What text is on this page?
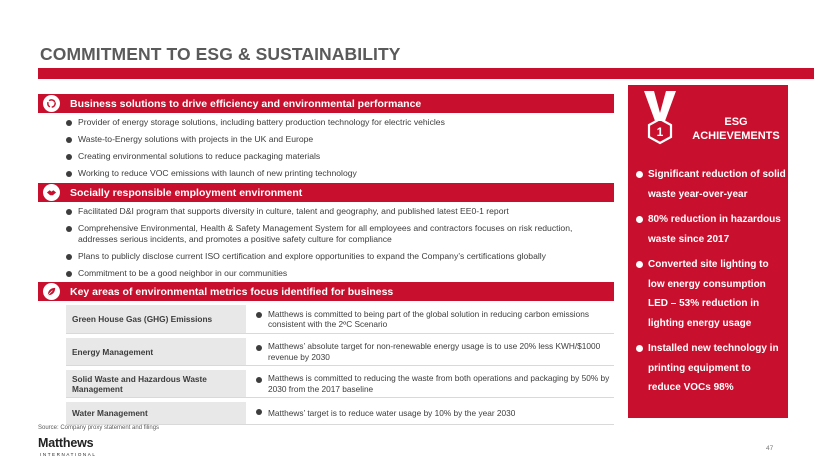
COMMITMENT TO ESG & SUSTAINABILITY
Business solutions to drive efficiency and environmental performance
Provider of energy storage solutions, including battery production technology for electric vehicles
Waste-to-Energy solutions with projects in the UK and Europe
Creating environmental solutions to reduce packaging materials
Working to reduce VOC emissions with launch of new printing technology
Socially responsible employment environment
Facilitated D&I program that supports diversity in culture, talent and geography, and published latest EE0-1 report
Comprehensive Environmental, Health & Safety Management System for all employees and contractors focuses on risk reduction, addresses serious incidents, and promotes a positive safety culture for compliance
Plans to publicly disclose current ISO certification and explore opportunities to expand the Company’s certifications globally
Commitment to be a good neighbor in our communities
Key areas of environmental metrics focus identified for business
Green House Gas (GHG) Emissions
Matthews is committed to being part of the global solution in reducing carbon emissions consistent with the 2ºC Scenario
Energy Management
Matthews’ absolute target for non-renewable energy usage is to use 20% less KWH/$1000 revenue by 2030
Solid Waste and Hazardous Waste Management
Matthews is committed to reducing the waste from both operations and packaging by 50% by 2030 from the 2017 baseline
Water Management	Matthews’ target is to reduce water usage by 10% by the year 2030
1
ESG ACHIEVEMENTS
Significant reduction of solid waste year-over-year
80% reduction in hazardous waste since 2017
Converted site lighting to low energy consumption LED – 53% reduction in lighting energy usage
Installed new technology in printing equipment to reduce VOCs 98%
Source: Company proxy statement and filings
Matthews
INTERNATIONAL
47
